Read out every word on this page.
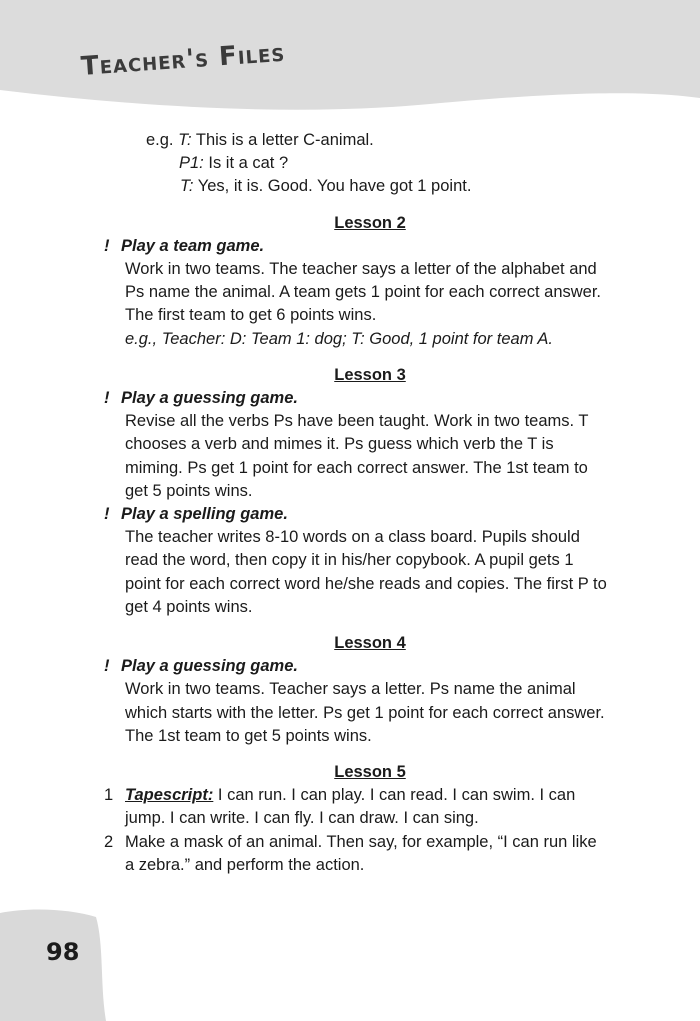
Teacher's Files
e.g. T: This is a letter C-animal.
P1: Is it a cat ?
T: Yes, it is. Good. You have got 1 point.
Lesson 2
! Play a team game.
Work in two teams. The teacher says a letter of the alphabet and
Ps name the animal. A team gets 1 point for each correct answer.
The first team to get 6 points wins.
e.g., Teacher: D: Team 1: dog; T: Good, 1 point for team A.
Lesson 3
! Play a guessing game.
Revise all the verbs Ps have been taught. Work in two teams. T
chooses a verb and mimes it. Ps guess which verb the T is
miming. Ps get 1 point for each correct answer. The 1st team to
get 5 points wins.
! Play a spelling game.
The teacher writes 8-10 words on a class board. Pupils should
read the word, then copy it in his/her copybook. A pupil gets 1
point for each correct word he/she reads and copies. The first P to
get 4 points wins.
Lesson 4
! Play a guessing game.
Work in two teams. Teacher says a letter. Ps name the animal
which starts with the letter. Ps get 1 point for each correct answer.
The 1st team to get 5 points wins.
Lesson 5
1 Tapescript: I can run. I can play. I can read. I can swim. I can
jump. I can write. I can fly. I can draw. I can sing.
2 Make a mask of an animal. Then say, for example, “I can run like
a zebra.” and perform the action.
98
